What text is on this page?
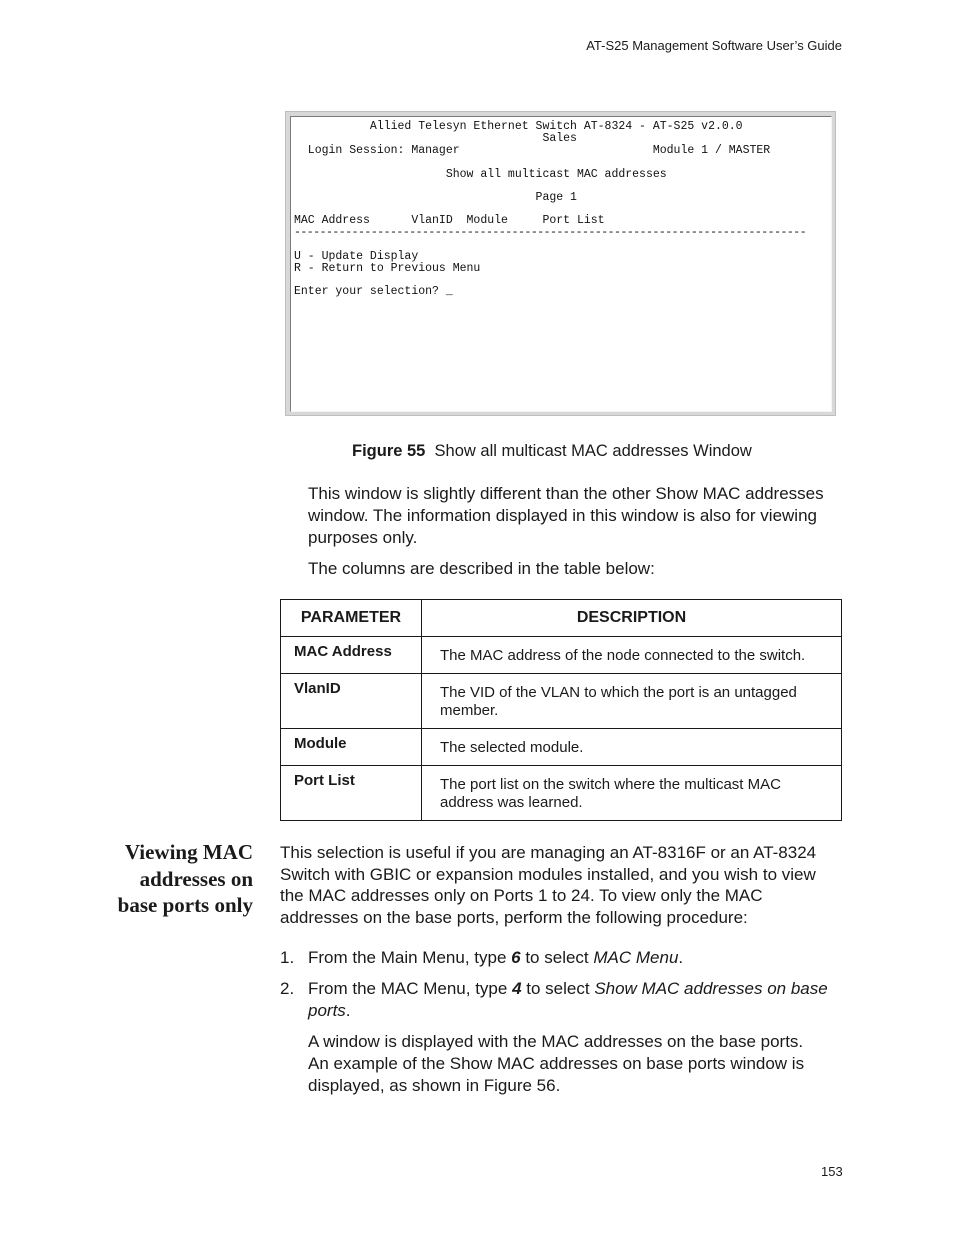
AT-S25 Management Software User’s Guide
Allied Telesyn Ethernet Switch AT-8324 - AT-S25 v2.0.0
Sales
Login Session: Manager                            Module 1 / MASTER
Show all multicast MAC addresses
Page 1
MAC Address      VlanID  Module     Port List
--------------------------------------------------------------------------------
U - Update Display
R - Return to Previous Menu
Enter your selection? _
Figure 55 Show all multicast MAC addresses Window
This window is slightly different than the other Show MAC addresses window. The information displayed in this window is also for viewing purposes only.
The columns are described in the table below:
PARAMETER	DESCRIPTION
MAC Address	The MAC address of the node connected to the switch.
VlanID	The VID of the VLAN to which the port is an untagged member.
Module	The selected module.
Port List	The port list on the switch where the multicast MAC address was learned.
Viewing MAC
addresses on
base ports only
This selection is useful if you are managing an AT-8316F or an AT-8324 Switch with GBIC or expansion modules installed, and you wish to view the MAC addresses only on Ports 1 to 24. To view only the MAC addresses on the base ports, perform the following procedure:
1. From the Main Menu, type 6 to select MAC Menu.
2. From the MAC Menu, type 4 to select Show MAC addresses on base ports.
A window is displayed with the MAC addresses on the base ports. An example of the Show MAC addresses on base ports window is displayed, as shown in Figure 56.
153
